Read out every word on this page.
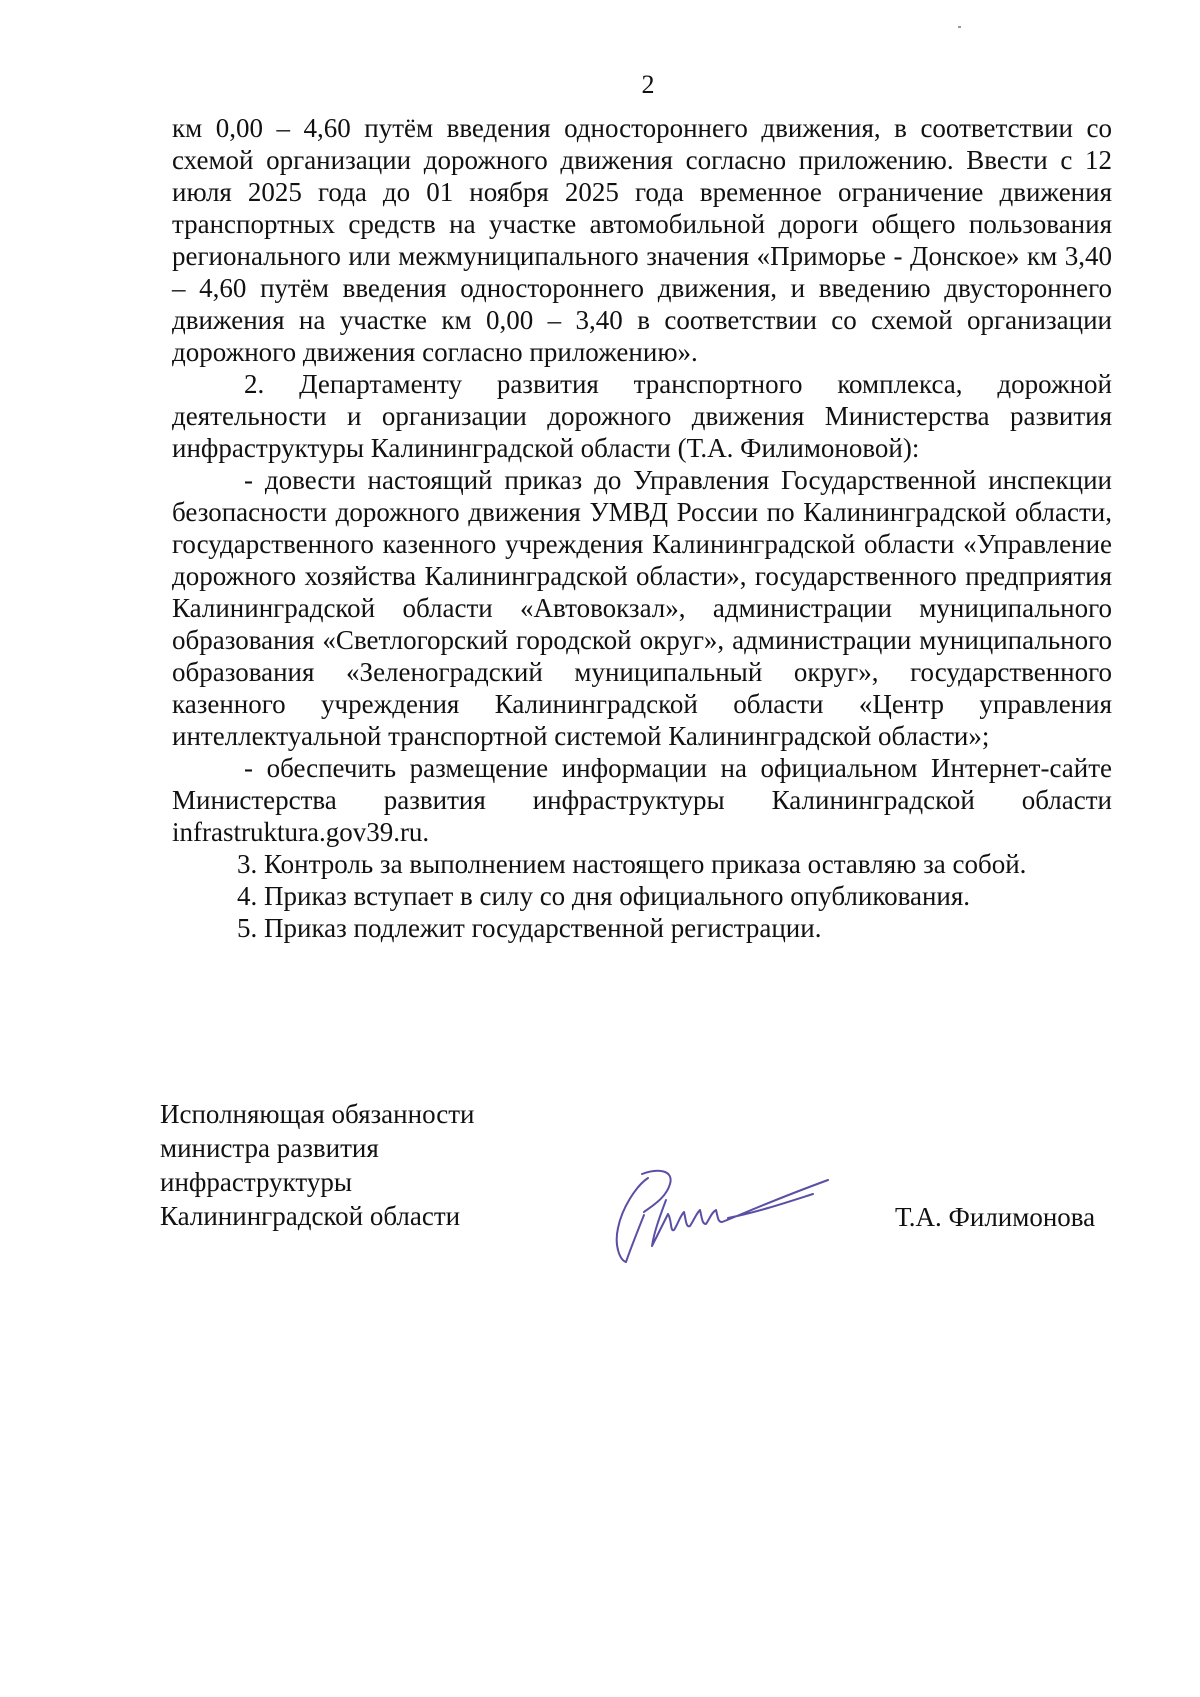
2

км 0,00 – 4,60 путём введения одностороннего движения, в соответствии со схемой организации дорожного движения согласно приложению. Ввести с 12 июля 2025 года до 01 ноября 2025 года временное ограничение движения транспортных средств на участке автомобильной дороги общего пользования регионального или межмуниципального значения «Приморье - Донское» км 3,40 – 4,60 путём введения одностороннего движения, и введению двустороннего движения на участке км 0,00 – 3,40 в соответствии со схемой организации дорожного движения согласно приложению».

2. Департаменту развития транспортного комплекса, дорожной деятельности и организации дорожного движения Министерства развития инфраструктуры Калининградской области (Т.А. Филимоновой):

- довести настоящий приказ до Управления Государственной инспекции безопасности дорожного движения УМВД России по Калининградской области, государственного казенного учреждения Калининградской области «Управление дорожного хозяйства Калининградской области», государственного предприятия Калининградской области «Автовокзал», администрации муниципального образования «Светлогорский городской округ», администрации муниципального образования «Зеленоградский муниципальный округ», государственного казенного учреждения Калининградской области «Центр управления интеллектуальной транспортной системой Калининградской области»;

- обеспечить размещение информации на официальном Интернет-сайте Министерства развития инфраструктуры Калининградской области infrastruktura.gov39.ru.

3. Контроль за выполнением настоящего приказа оставляю за собой.

4. Приказ вступает в силу со дня официального опубликования.

5. Приказ подлежит государственной регистрации.

Исполняющая обязанности
министра развития
инфраструктуры
Калининградской области	Т.А. Филимонова
